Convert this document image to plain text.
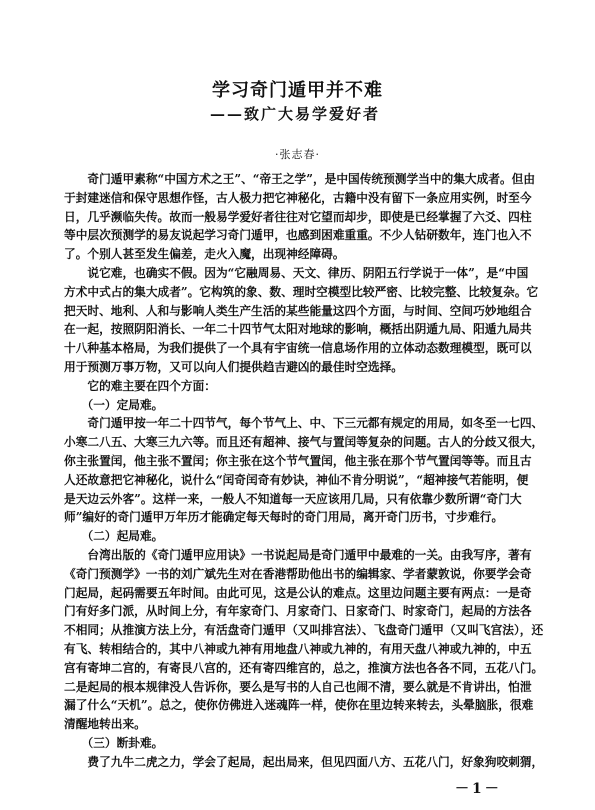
学习奇门遁甲并不难
——致广大易学爱好者
·张志春·
　　奇门遁甲素称“中国方术之王”、“帝王之学”，是中国传统预测学当中的集大成者。但由
于封建迷信和保守思想作怪，古人极力把它神秘化，古籍中没有留下一条应用实例，时至今
日，几乎濒临失传。故而一般易学爱好者往往对它望而却步，即使是已经掌握了六爻、四柱
等中层次预测学的易友说起学习奇门遁甲，也感到困难重重。不少人钻研数年，连门也入不
了。个别人甚至发生偏差，走火入魔，出现神经障碍。
　　说它难，也确实不假。因为“它融周易、天文、律历、阴阳五行学说于一体”，是“中国
方术中式占的集大成者”。它构筑的象、数、理时空模型比较严密、比较完整、比较复杂。它
把天时、地利、人和与影响人类生产生活的某些能量这四个方面，与时间、空间巧妙地组合
在一起，按照阴阳消长、一年二十四节气太阳对地球的影响，概括出阴遁九局、阳遁九局共
十八种基本格局，为我们提供了一个具有宇宙统一信息场作用的立体动态数理模型，既可以
用于预测万事万物，又可以向人们提供趋吉避凶的最佳时空选择。
　　它的难主要在四个方面：
　　（一）定局难。
　　奇门遁甲按一年二十四节气，每个节气上、中、下三元都有规定的用局，如冬至一七四、
小寒二八五、大寒三九六等。而且还有超神、接气与置闰等复杂的问题。古人的分歧又很大，
你主张置闰，他主张不置闰；你主张在这个节气置闰，他主张在那个节气置闰等等。而且古
人还故意把它神秘化，说什么“闰奇闰奇有妙诀，神仙不肯分明说”，“超神接气若能明，便
是天边云外客”。这样一来，一般人不知道每一天应该用几局，只有依靠少数所谓“奇门大
师”编好的奇门遁甲万年历才能确定每天每时的奇门用局，离开奇门历书，寸步难行。
　　（二）起局难。
　　台湾出版的《奇门遁甲应用诀》一书说起局是奇门遁甲中最难的一关。由我写序，著有
《奇门预测学》一书的刘广斌先生对在香港帮助他出书的编辑家、学者蒙敦说，你要学会奇
门起局，起码需要五年时间。由此可见，这是公认的难点。这里边问题主要有两点：一是奇
门有好多门派，从时间上分，有年家奇门、月家奇门、日家奇门、时家奇门，起局的方法各
不相同；从推演方法上分，有活盘奇门遁甲（又叫排宫法）、飞盘奇门遁甲（又叫飞宫法），还
有飞、转相结合的，其中八神或九神有用地盘八神或九神的，有用天盘八神或九神的，中五
宫有寄坤二宫的，有寄艮八宫的，还有寄四维宫的，总之，推演方法也各各不同，五花八门。
二是起局的根本规律没人告诉你，要么是写书的人自己也闹不清，要么就是不肯讲出，怕泄
漏了什么“天机”。总之，使你仿佛进入迷魂阵一样，使你在里边转来转去，头晕脑胀，很难
清醒地转出来。
　　（三）断卦难。
　　费了九牛二虎之力，学会了起局，起出局来，但见四面八方、五花八门，好象狗咬刺猬，
－1－
